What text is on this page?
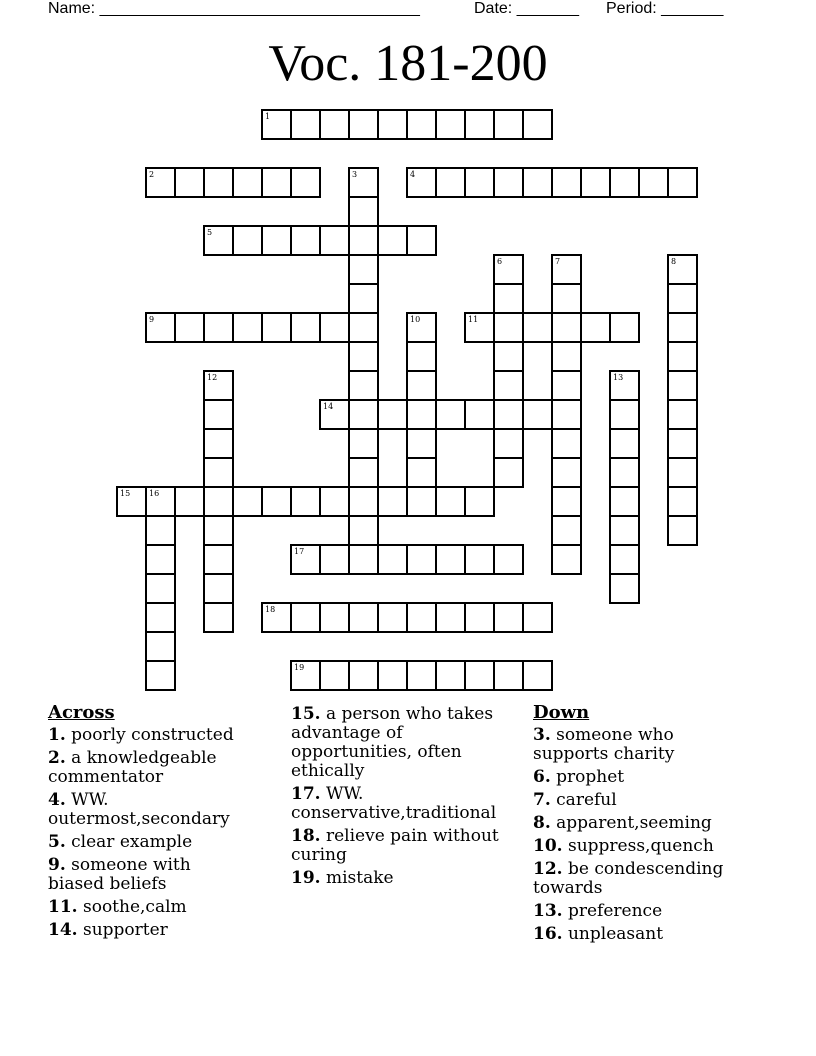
Name: ____________________________________	Date: _______ Period: _______
Voc. 181-200
1
2	3	4
5
6	7	8
9	10	11
12	13
14
15 16
17
18
19
Across
1. poorly constructed
2. a knowledgeable commentator
4. WW. outermost,secondary
5. clear example
9. someone with biased beliefs
11. soothe,calm
14. supporter
15. a person who takes advantage of opportunities, often ethically
17. WW. conservative,traditional
18. relieve pain without curing
19. mistake
Down
3. someone who supports charity
6. prophet
7. careful
8. apparent,seeming
10. suppress,quench
12. be condescending towards
13. preference
16. unpleasant
